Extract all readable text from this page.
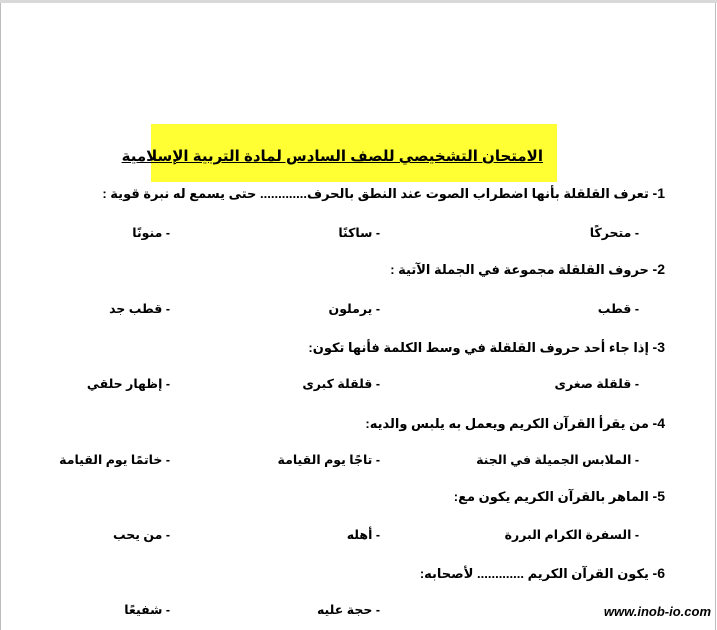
الامتحان التشخيصي للصف السادس لمادة التربية الإسلامية
1- تعرف القلقلة بأنها اضطراب الصوت عند النطق بالحرف............. حتى يسمع له نبرة قوية :
- متحركًا
- ساكنًا
- منونًا
2- حروف القلقلة مجموعة في الجملة الآتية :
- قطب
- يرملون
- قطب جد
3- إذا جاء أحد حروف القلقلة في وسط الكلمة فأنها تكون:
- قلقلة صغرى
- قلقلة كبرى
- إظهار حلقي
4- من يقرأ القرآن الكريم ويعمل به يلبس والديه:
- الملابس الجميلة في الجنة
- تاجًا يوم القيامة
- خاتمًا يوم القيامة
5- الماهر بالقرآن الكريم يكون مع:
- السفرة الكرام البررة
- أهله
- من يحب
6- يكون القرآن الكريم ............. لأصحابه:
- حجة عليه
- شفيعًا	www.inob-io.com
